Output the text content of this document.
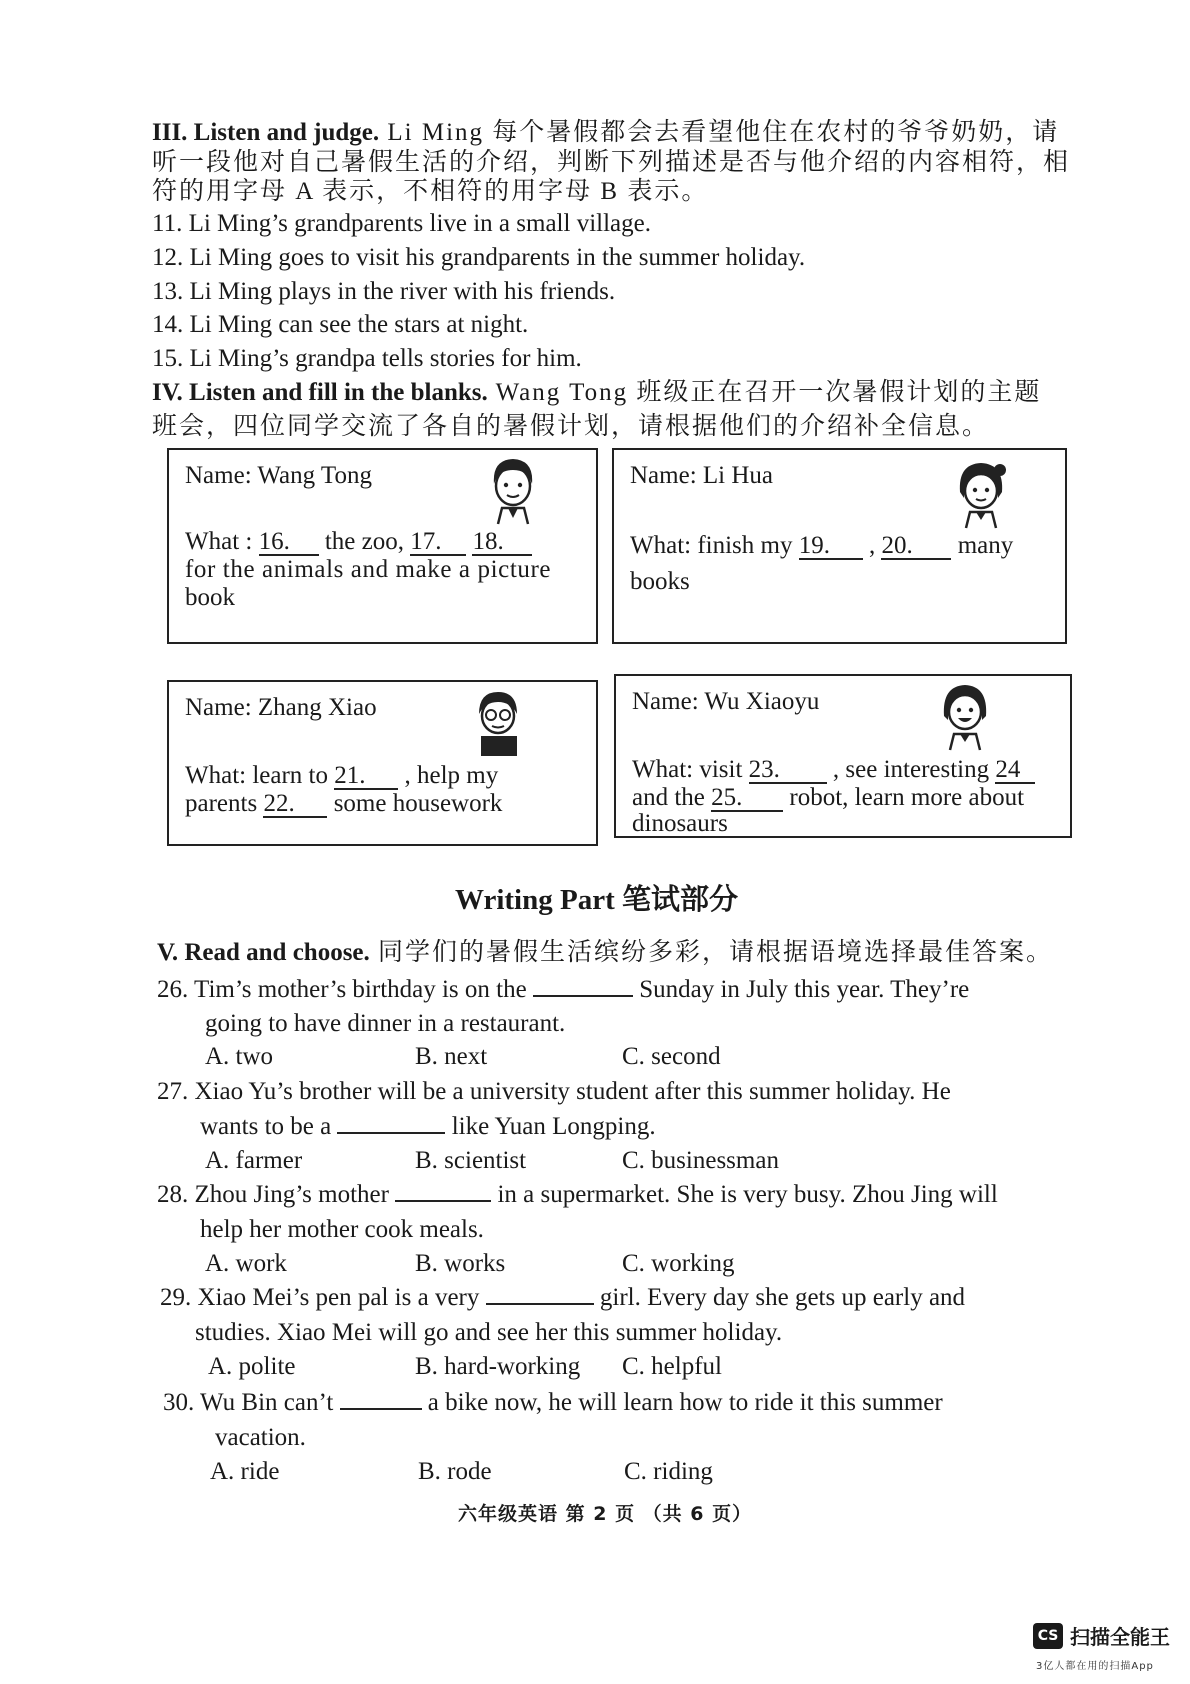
III. Listen and judge. Li Ming 每个暑假都会去看望他住在农村的爷爷奶奶，请
听一段他对自己暑假生活的介绍，判断下列描述是否与他介绍的内容相符，相
符的用字母 A 表示，不相符的用字母 B 表示。
11. Li Ming’s grandparents live in a small village.
12. Li Ming goes to visit his grandparents in the summer holiday.
13. Li Ming plays in the river with his friends.
14. Li Ming can see the stars at night.
15. Li Ming’s grandpa tells stories for him.
IV. Listen and fill in the blanks. Wang Tong 班级正在召开一次暑假计划的主题
班会，四位同学交流了各自的暑假计划，请根据他们的介绍补全信息。
Name: Wang Tong
What : 16. the zoo, 17. 18.
for the animals and make a picture
book
Name: Li Hua
What: finish my 19. , 20. many
books
Name: Zhang Xiao
What: learn to 21. , help my
parents 22. some housework
Name: Wu Xiaoyu
What: visit 23. , see interesting 24
and the 25. robot, learn more about
dinosaurs
Writing Part 笔试部分
V. Read and choose. 同学们的暑假生活缤纷多彩，请根据语境选择最佳答案。
26. Tim’s mother’s birthday is on the	Sunday in July this year. They’re
going to have dinner in a restaurant.
A. two	B. next	C. second
27. Xiao Yu’s brother will be a university student after this summer holiday. He
wants to be a	like Yuan Longping.
A. farmer	B. scientist	C. businessman
28. Zhou Jing’s mother	in a supermarket. She is very busy. Zhou Jing will
help her mother cook meals.
A. work	B. works	C. working
29. Xiao Mei’s pen pal is a very	girl. Every day she gets up early and
studies. Xiao Mei will go and see her this summer holiday.
A. polite	B. hard-working C. helpful
30. Wu Bin can’t	a bike now, he will learn how to ride it this summer
vacation.
A. ride	B. rode	C. riding
六年级英语 第 2 页 （共 6 页）
CS 扫描全能王
3亿人都在用的扫描App
